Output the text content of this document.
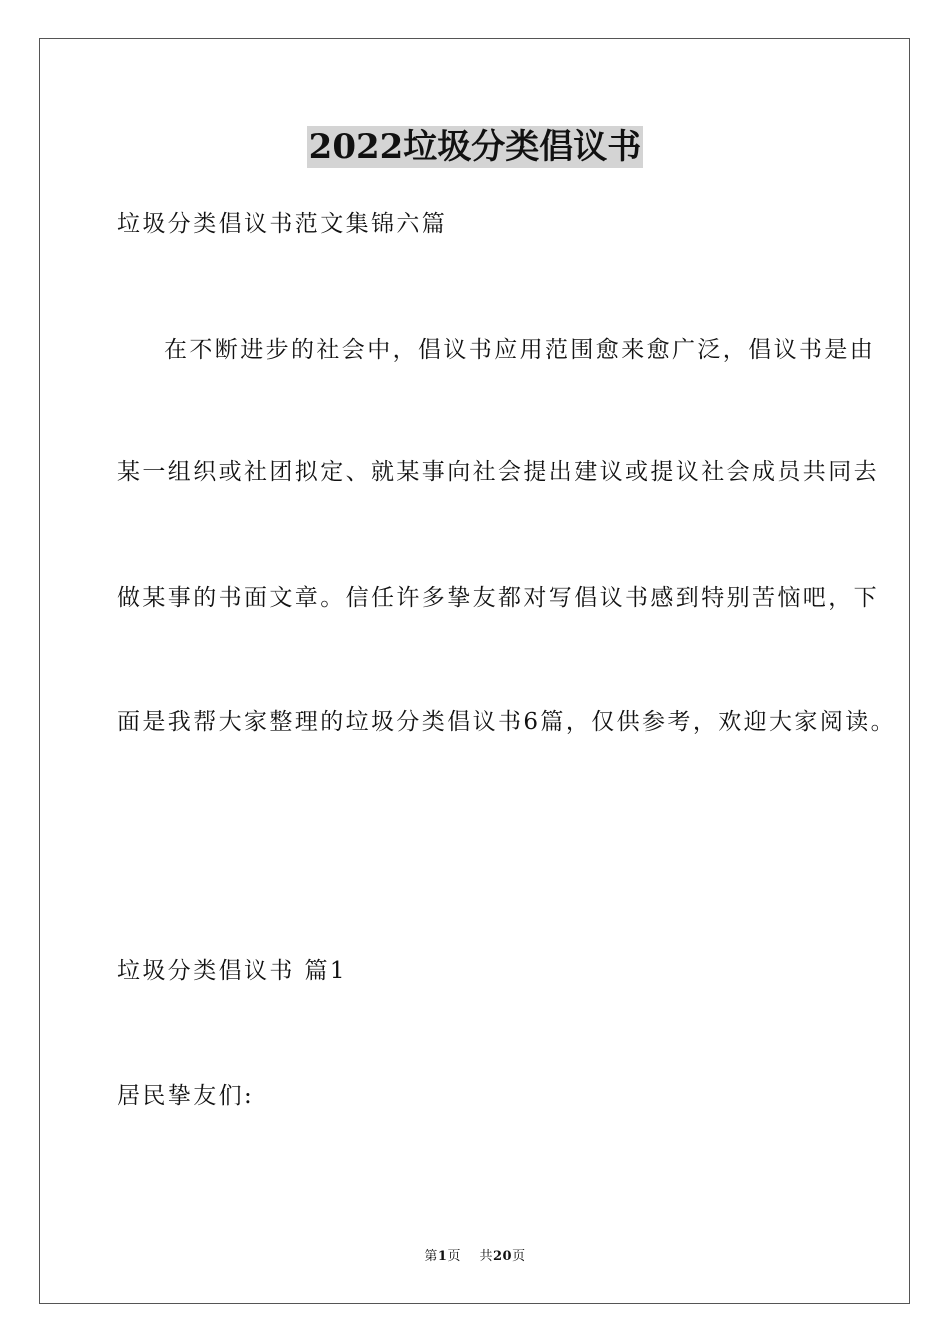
2022垃圾分类倡议书
垃圾分类倡议书范文集锦六篇
在不断进步的社会中，倡议书应用范围愈来愈广泛，倡议书是由
某一组织或社团拟定、就某事向社会提出建议或提议社会成员共同去
做某事的书面文章。信任许多挚友都对写倡议书感到特别苦恼吧，下
面是我帮大家整理的垃圾分类倡议书6篇，仅供参考，欢迎大家阅读。
垃圾分类倡议书 篇1
居民挚友们:
第1页 共20页
